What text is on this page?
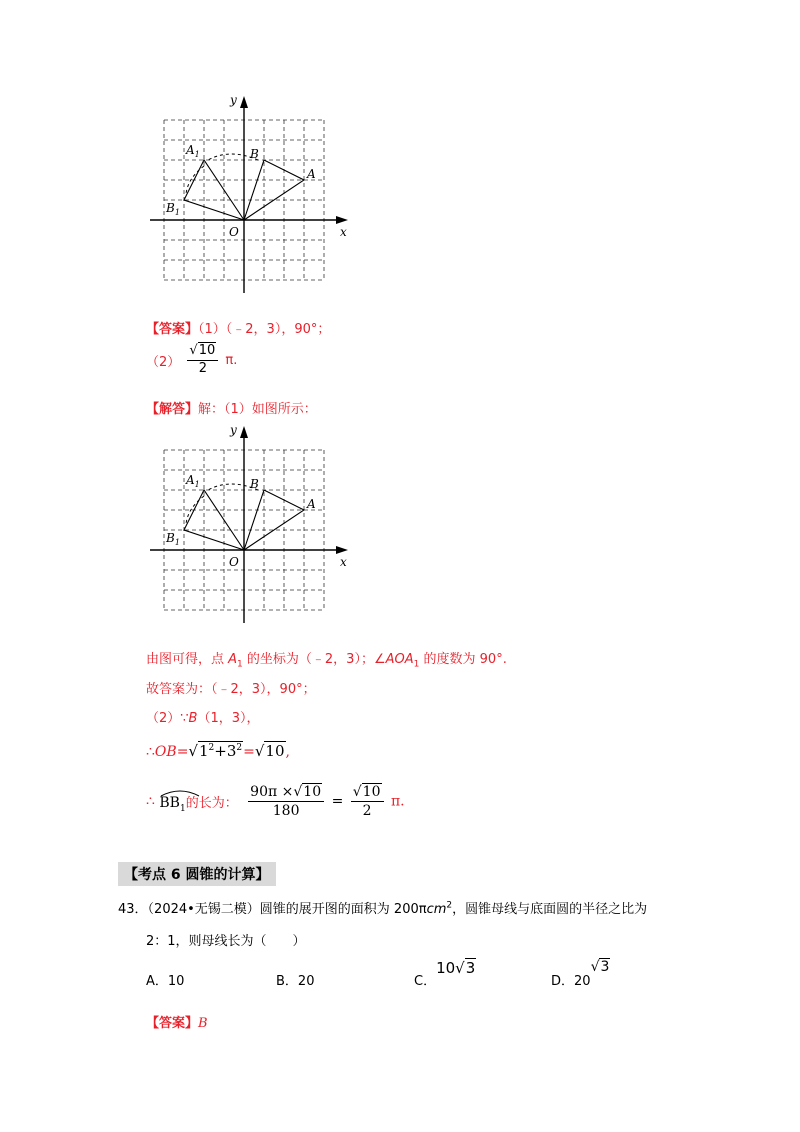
y
x
O
$A_1$	B
A
$B_1$
【答案】（1）（﹣2，3），90°；
$(2) \frac{√10}{2} \pi$.
【解答】解：（1）如图所示：
y
x
O
$A_1$	B
A
$B_1$
由图可得，点 $A_1$ 的坐标为（﹣2，3）；$\angle AOA_1$ 的度数为 90°.
故答案为：（﹣2，3），90°；
（2）∵B（1，3），
$\therefore OB=√1^2+3^2=√10$,
∴ $BB_1$的长为： $\frac{90\pi \times√10}{180} = \frac{√10}{2} \pi$.
【考点 6 圆锥的计算】
43．（2024•无锡二模）圆锥的展开图的面积为 200πcm$^2$，圆锥母线与底面圆的半径之比为
2：1，则母线长为（　　）
A．10	B．20	C．10√3
D．20√3
【答案】B
